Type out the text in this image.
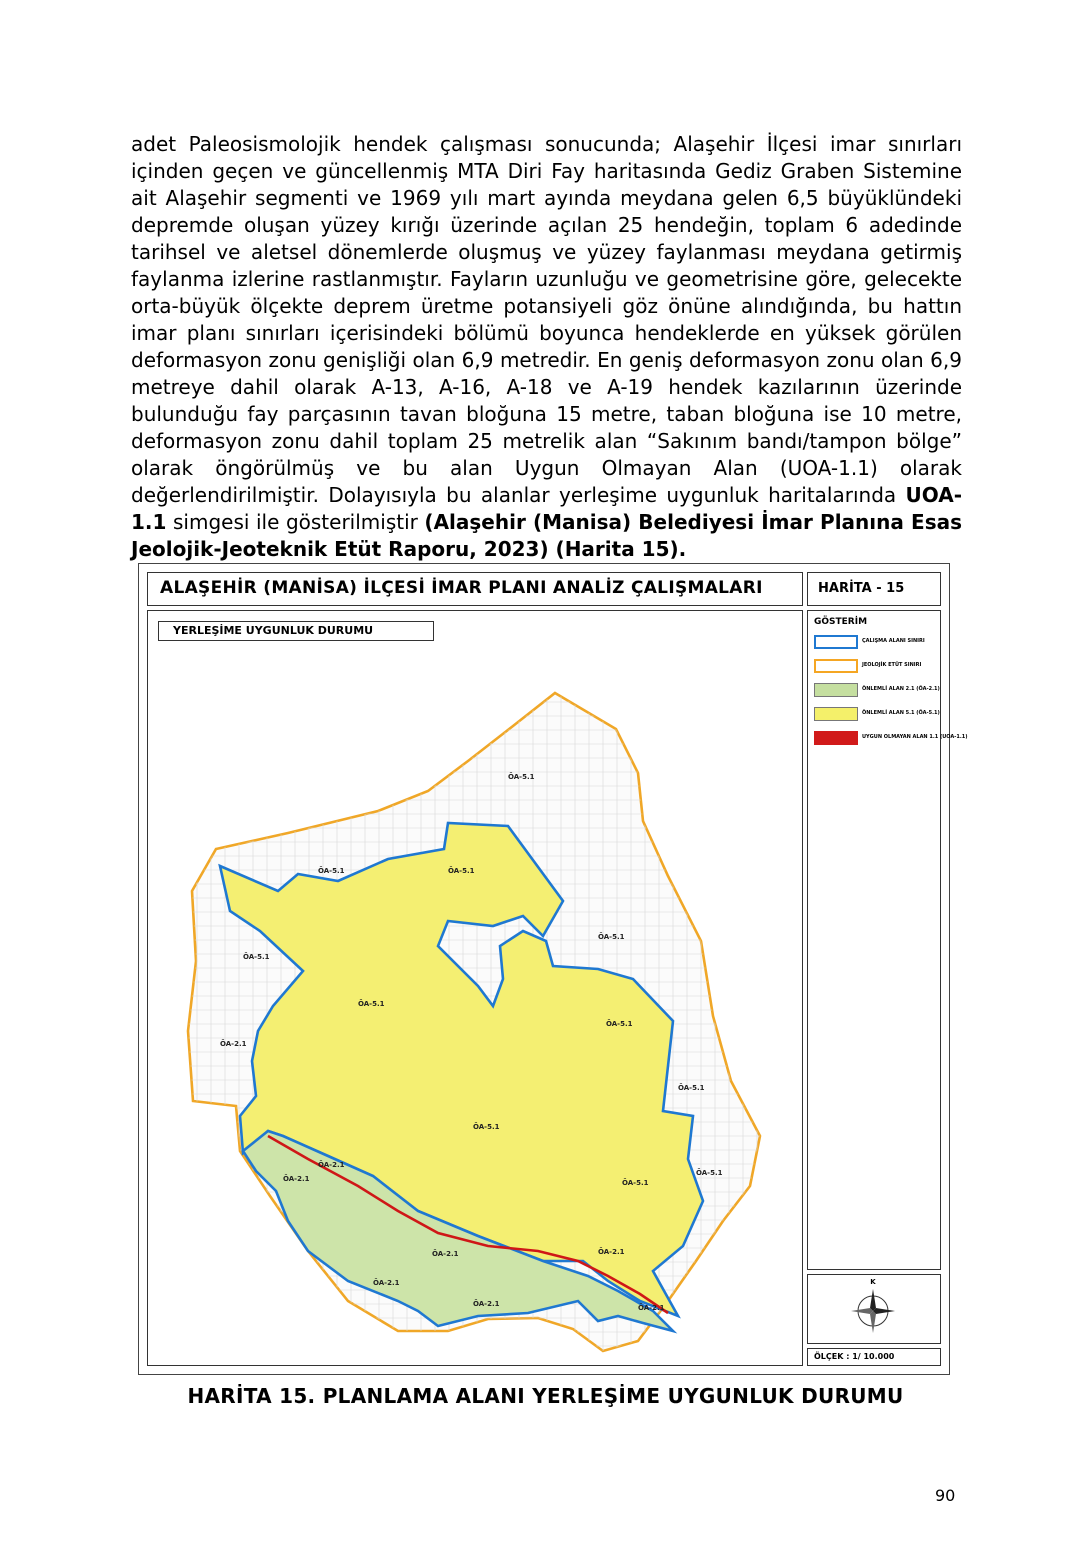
adet Paleosismolojik hendek çalışması sonucunda; Alaşehir İlçesi imar sınırları içinden geçen ve güncellenmiş MTA Diri Fay haritasında Gediz Graben Sistemine ait Alaşehir segmenti ve 1969 yılı mart ayında meydana gelen 6,5 büyüklündeki depremde oluşan yüzey kırığı üzerinde açılan 25 hendeğin, toplam 6 adedinde tarihsel ve aletsel dönemlerde oluşmuş ve yüzey faylanması meydana getirmiş faylanma izlerine rastlanmıştır. Fayların uzunluğu ve geometrisine göre, gelecekte orta-büyük ölçekte deprem üretme potansiyeli göz önüne alındığında, bu hattın imar planı sınırları içerisindeki bölümü boyunca hendeklerde en yüksek görülen deformasyon zonu genişliği olan 6,9 metredir. En geniş deformasyon zonu olan 6,9 metreye dahil olarak A-13, A-16, A-18 ve A-19 hendek kazılarının üzerinde bulunduğu fay parçasının tavan bloğuna 15 metre, taban bloğuna ise 10 metre, deformasyon zonu dahil toplam 25 metrelik alan “Sakınım bandı/tampon bölge” olarak öngörülmüş ve bu alan Uygun Olmayan Alan (UOA-1.1) olarak değerlendirilmiştir. Dolayısıyla bu alanlar yerleşime uygunluk haritalarında UOA-1.1 simgesi ile gösterilmiştir (Alaşehir (Manisa) Belediyesi İmar Planına Esas Jeolojik-Jeoteknik Etüt Raporu, 2023) (Harita 15).
ALAŞEHİR (MANİSA) İLÇESİ İMAR PLANI ANALİZ ÇALIŞMALARI	HARİTA - 15
YERLEŞİME UYGUNLUK DURUMU
ÖA-5.1
ÖA-5.1	ÖA-5.1
ÖA-5.1
ÖA-5.1
ÖA-5.1
ÖA-5.1
ÖA-5.1
ÖA-5.1
ÖA-5.1
ÖA-5.1
ÖA-2.1
ÖA-2.1
ÖA-2.1
ÖA-2.1	ÖA-2.1
ÖA-2.1
ÖA-2.1	ÖA-2.1
GÖSTERİM
ÇALIŞMA ALANI SINIRI
JEOLOJİK ETÜT SINIRI
ÖNLEMLİ ALAN 2.1 (ÖA-2.1)
ÖNLEMLİ ALAN 5.1 (ÖA-5.1)
UYGUN OLMAYAN ALAN 1.1 (UOA-1.1)
K
ÖLÇEK : 1/ 10.000
HARİTA 15. PLANLAMA ALANI YERLEŞİME UYGUNLUK DURUMU
90
